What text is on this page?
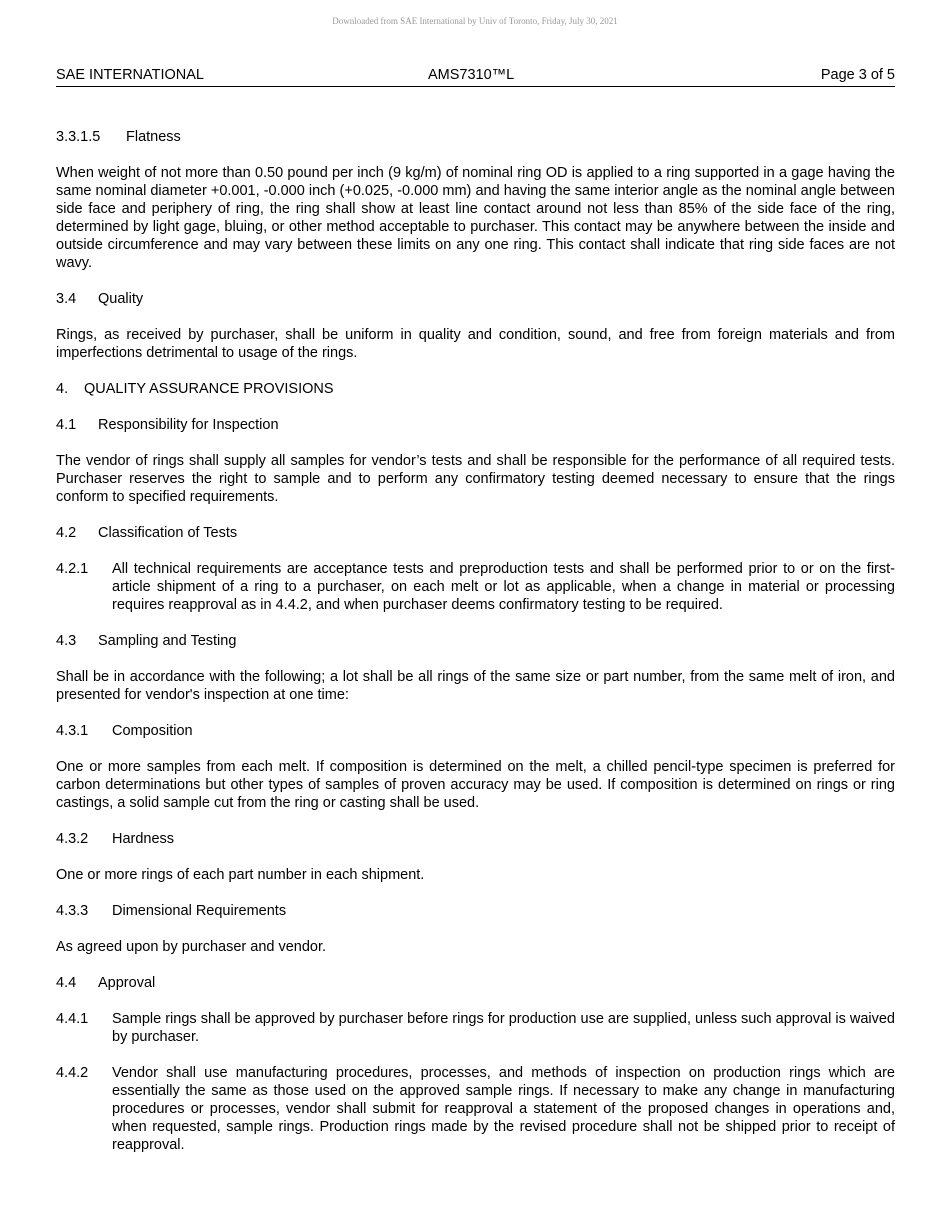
Downloaded from SAE International by Univ of Toronto, Friday, July 30, 2021
SAE INTERNATIONAL	AMS7310™L	Page 3 of 5

3.3.1.5 Flatness

When weight of not more than 0.50 pound per inch (9 kg/m) of nominal ring OD is applied to a ring supported in a gage having the same nominal diameter +0.001, -0.000 inch (+0.025, -0.000 mm) and having the same interior angle as the nominal angle between side face and periphery of ring, the ring shall show at least line contact around not less than 85% of the side face of the ring, determined by light gage, bluing, or other method acceptable to purchaser. This contact may be anywhere between the inside and outside circumference and may vary between these limits on any one ring. This contact shall indicate that ring side faces are not wavy.

3.4 Quality

Rings, as received by purchaser, shall be uniform in quality and condition, sound, and free from foreign materials and from imperfections detrimental to usage of the rings.

4. QUALITY ASSURANCE PROVISIONS

4.1 Responsibility for Inspection

The vendor of rings shall supply all samples for vendor’s tests and shall be responsible for the performance of all required tests. Purchaser reserves the right to sample and to perform any confirmatory testing deemed necessary to ensure that the rings conform to specified requirements.

4.2 Classification of Tests

4.2.1 All technical requirements are acceptance tests and preproduction tests and shall be performed prior to or on the first-article shipment of a ring to a purchaser, on each melt or lot as applicable, when a change in material or processing requires reapproval as in 4.4.2, and when purchaser deems confirmatory testing to be required.

4.3 Sampling and Testing

Shall be in accordance with the following; a lot shall be all rings of the same size or part number, from the same melt of iron, and presented for vendor's inspection at one time:

4.3.1 Composition

One or more samples from each melt. If composition is determined on the melt, a chilled pencil-type specimen is preferred for carbon determinations but other types of samples of proven accuracy may be used. If composition is determined on rings or ring castings, a solid sample cut from the ring or casting shall be used.

4.3.2 Hardness

One or more rings of each part number in each shipment.

4.3.3 Dimensional Requirements

As agreed upon by purchaser and vendor.

4.4 Approval

4.4.1 Sample rings shall be approved by purchaser before rings for production use are supplied, unless such approval is waived by purchaser.

4.4.2 Vendor shall use manufacturing procedures, processes, and methods of inspection on production rings which are essentially the same as those used on the approved sample rings. If necessary to make any change in manufacturing procedures or processes, vendor shall submit for reapproval a statement of the proposed changes in operations and, when requested, sample rings. Production rings made by the revised procedure shall not be shipped prior to receipt of reapproval.
